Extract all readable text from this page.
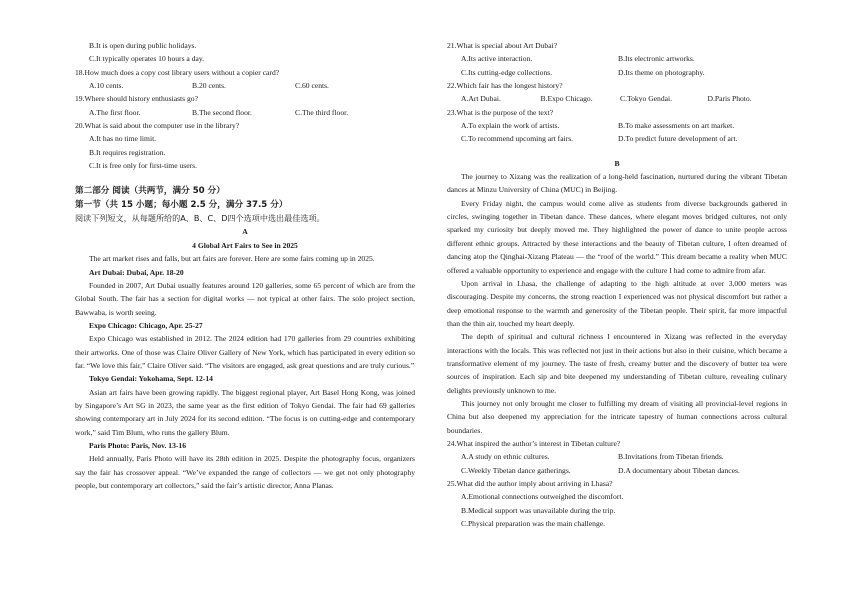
B.It is open during public holidays.
C.It typically operates 10 hours a day.
18.How much does a copy cost library users without a copier card?
A.10 cents.	B.20 cents.	C.60 cents.
19.Where should history enthusiasts go?
A.The first floor.	B.The second floor.	C.The third floor.
20.What is said about the computer use in the library?
A.It has no time limit.
B.It requires registration.
C.It is free only for first-time users.
第二部分 阅读（共两节，满分 50 分）
第一节（共 15 小题；每小题 2.5 分，满分 37.5 分）
阅读下列短文，从每题所给的A、B、C、D四个选项中选出最佳选项。
A
4 Global Art Fairs to See in 2025
The art market rises and falls, but art fairs are forever. Here are some fairs coming up in 2025.
Art Dubai: Dubai, Apr. 18-20
Founded in 2007, Art Dubai usually features around 120 galleries, some 65 percent of which are from the Global South. The fair has a section for digital works — not typical at other fairs. The solo project section, Bawwaba, is worth seeing.
Expo Chicago: Chicago, Apr. 25-27
Expo Chicago was established in 2012. The 2024 edition had 170 galleries from 29 countries exhibiting their artworks. One of those was Claire Oliver Gallery of New York, which has participated in every edition so far. “We love this fair,” Claire Oliver said. “The visitors are engaged, ask great questions and are truly curious.”
Tokyo Gendai: Yokohama, Sept. 12-14
Asian art fairs have been growing rapidly. The biggest regional player, Art Basel Hong Kong, was joined by Singapore’s Art SG in 2023, the same year as the first edition of Tokyo Gendai. The fair had 69 galleries showing contemporary art in July 2024 for its second edition. “The focus is on cutting-edge and contemporary work,” said Tim Blum, who runs the gallery Blum.
Paris Photo: Paris, Nov. 13-16
Held annually, Paris Photo will have its 28th edition in 2025. Despite the photography focus, organizers say the fair has crossover appeal. “We’ve expanded the range of collectors — we get not only photography people, but contemporary art collectors,” said the fair’s artistic director, Anna Planas.
21.What is special about Art Dubai?
A.Its active interaction.	B.Its electronic artworks.
C.Its cutting-edge collections.	D.Its theme on photography.
22.Which fair has the longest history?
A.Art Dubai.	B.Expo Chicago.	C.Tokyo Gendai.	D.Paris Photo.
23.What is the purpose of the text?
A.To explain the work of artists.	B.To make assessments on art market.
C.To recommend upcoming art fairs.	D.To predict future development of art.
B
The journey to Xizang was the realization of a long-held fascination, nurtured during the vibrant Tibetan dances at Minzu University of China (MUC) in Beijing.
Every Friday night, the campus would come alive as students from diverse backgrounds gathered in circles, swinging together in Tibetan dance. These dances, where elegant moves bridged cultures, not only sparked my curiosity but deeply moved me. They highlighted the power of dance to unite people across different ethnic groups. Attracted by these interactions and the beauty of Tibetan culture, I often dreamed of dancing atop the Qinghai-Xizang Plateau — the “roof of the world.” This dream became a reality when MUC offered a valuable opportunity to experience and engage with the culture I had come to admire from afar.
Upon arrival in Lhasa, the challenge of adapting to the high altitude at over 3,000 meters was discouraging. Despite my concerns, the strong reaction I experienced was not physical discomfort but rather a deep emotional response to the warmth and generosity of the Tibetan people. Their spirit, far more impactful than the thin air, touched my heart deeply.
The depth of spiritual and cultural richness I encountered in Xizang was reflected in the everyday interactions with the locals. This was reflected not just in their actions but also in their cuisine, which became a transformative element of my journey. The taste of fresh, creamy butter and the discovery of butter tea were sources of inspiration. Each sip and bite deepened my understanding of Tibetan culture, revealing culinary delights previously unknown to me.
This journey not only brought me closer to fulfilling my dream of visiting all provincial-level regions in China but also deepened my appreciation for the intricate tapestry of human connections across cultural boundaries.
24.What inspired the author’s interest in Tibetan culture?
A.A study on ethnic cultures.	B.Invitations from Tibetan friends.
C.Weekly Tibetan dance gatherings.	D.A documentary about Tibetan dances.
25.What did the author imply about arriving in Lhasa?
A.Emotional connections outweighed the discomfort.
B.Medical support was unavailable during the trip.
C.Physical preparation was the main challenge.
